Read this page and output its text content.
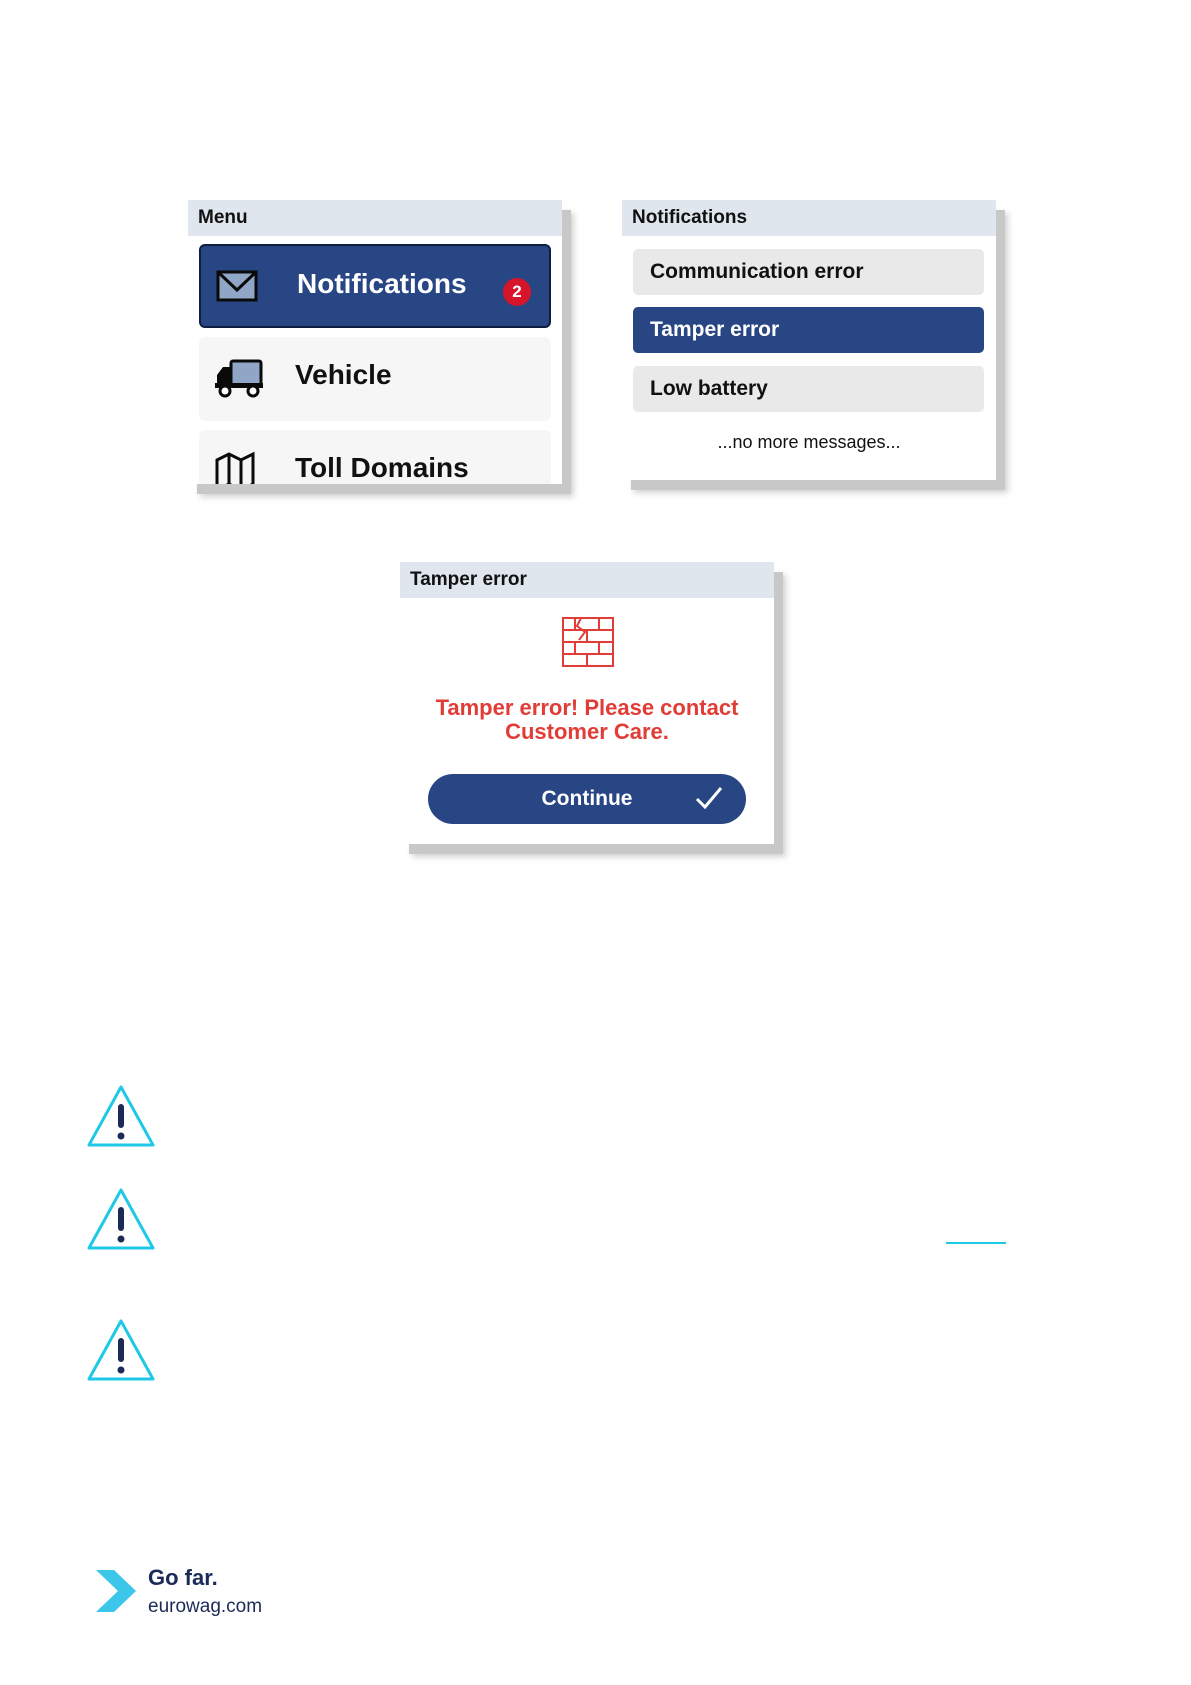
Menu
Notifications	2
Vehicle
Toll Domains
Notifications
Communication error
Tamper error
Low battery
...no more messages...
Tamper error
Tamper error! Please contact
Customer Care.
Continue
Go far.
eurowag.com
